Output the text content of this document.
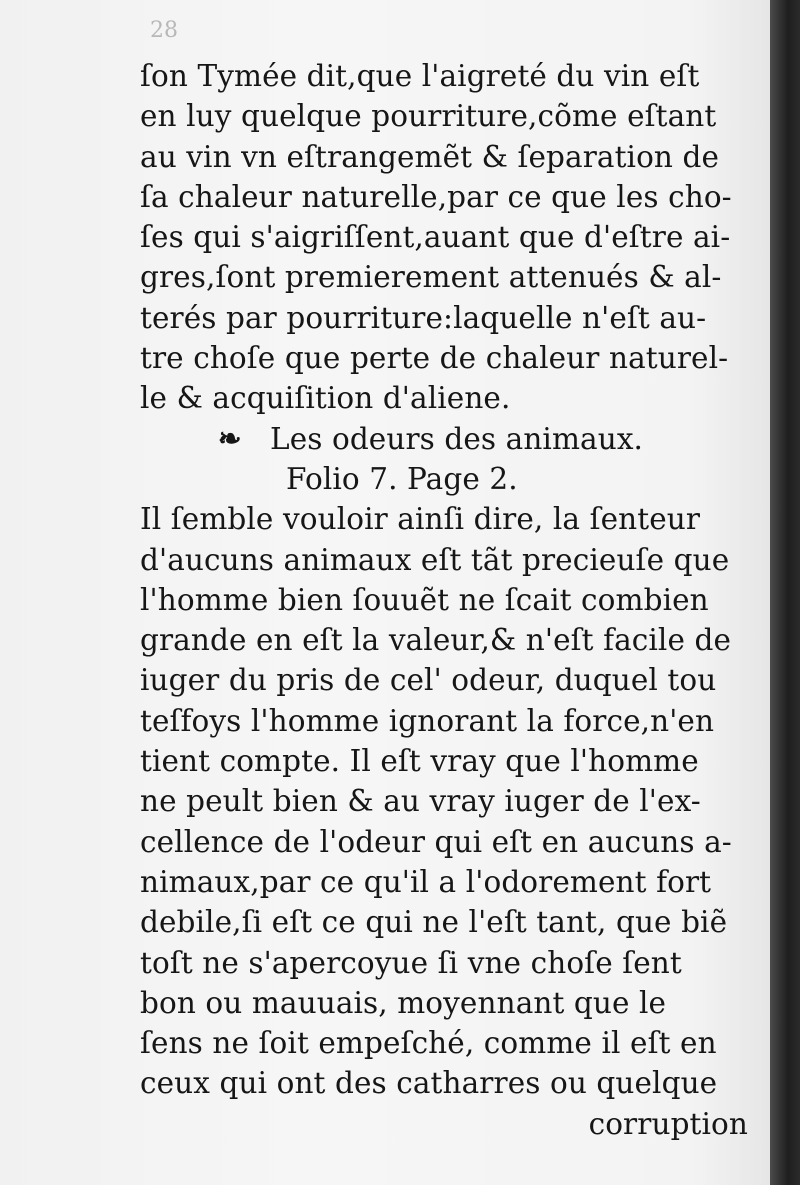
28
ſon Tymée dit,que l'aigreté du vin eſt
en luy quelque pourriture,cõme eſtant
au vin vn eſtrangemẽt & ſeparation de
ſa chaleur naturelle,par ce que les cho-
ſes qui s'aigriſſent,auant que d'eſtre ai-
gres,ſont premierement attenués & al-
terés par pourriture:laquelle n'eſt au-
tre choſe que perte de chaleur naturel-
le & acquiſition d'aliene.
❧ Les odeurs des animaux.
Folio 7. Page 2.
Il ſemble vouloir ainſi dire, la ſenteur
d'aucuns animaux eſt tãt precieuſe que
l'homme bien ſouuẽt ne ſcait combien
grande en eſt la valeur,& n'eſt facile de
iuger du pris de cel' odeur, duquel tou
teſfoys l'homme ignorant la force,n'en
tient compte. Il eſt vray que l'homme
ne peult bien & au vray iuger de l'ex-
cellence de l'odeur qui eſt en aucuns a-
nimaux,par ce qu'il a l'odorement fort
debile,ſi eſt ce qui ne l'eſt tant, que biẽ
toſt ne s'apercoyue ſi vne choſe ſent
bon ou mauuais, moyennant que le
ſens ne ſoit empeſché, comme il eſt en
ceux qui ont des catharres ou quelque
corruption
